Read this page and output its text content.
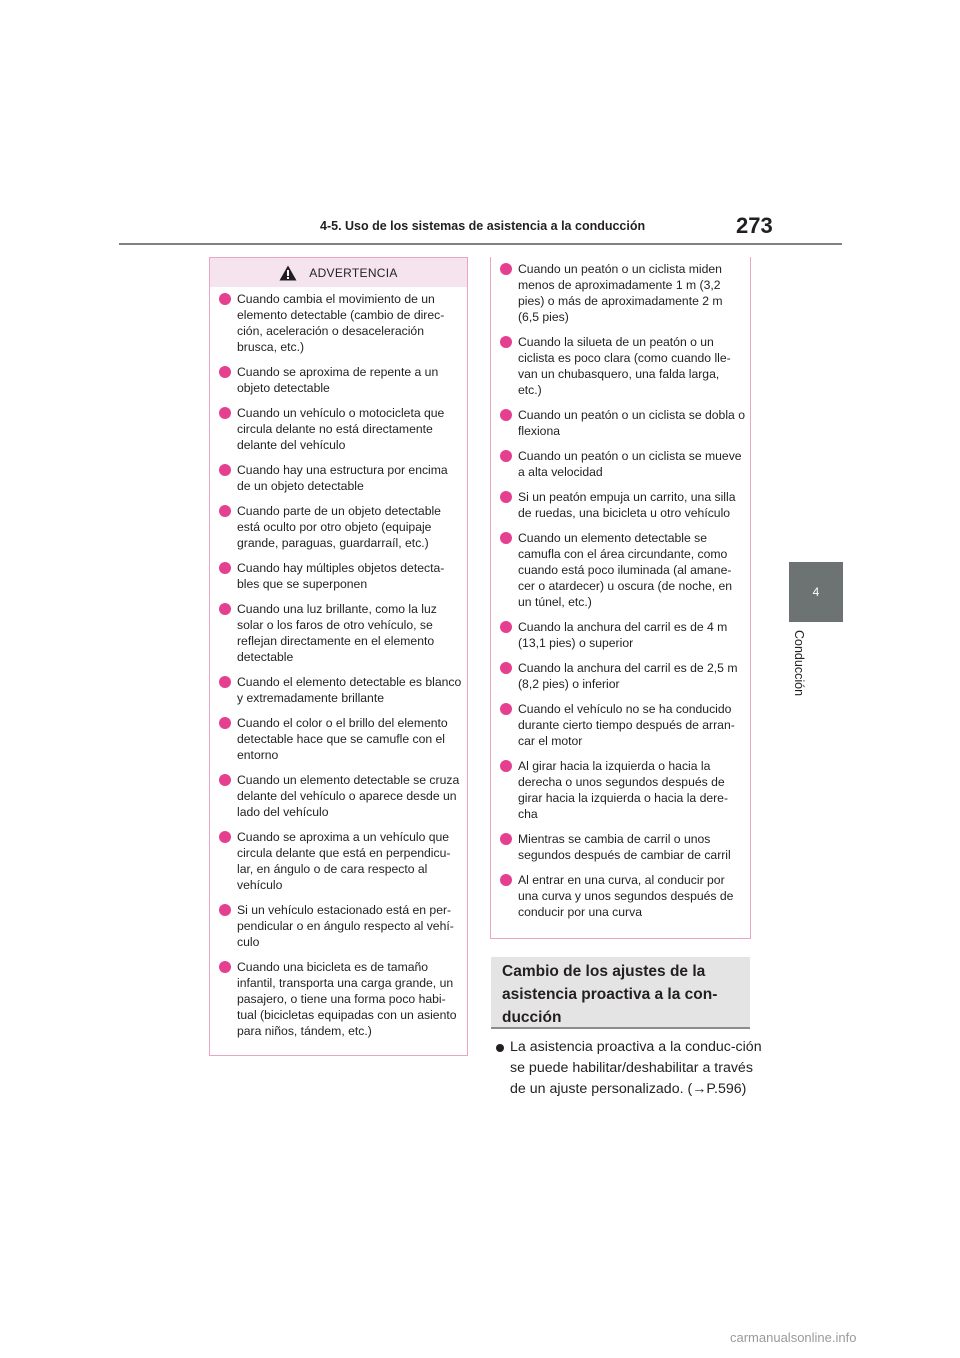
4-5. Uso de los sistemas de asistencia a la conducción	273
4
Conducción
ADVERTENCIA
Cuando cambia el movimiento de un elemento detectable (cambio de direc-ción, aceleración o desaceleración brusca, etc.)
Cuando se aproxima de repente a un objeto detectable
Cuando un vehículo o motocicleta que circula delante no está directamente delante del vehículo
Cuando hay una estructura por encima de un objeto detectable
Cuando parte de un objeto detectable está oculto por otro objeto (equipaje grande, paraguas, guardarraíl, etc.)
Cuando hay múltiples objetos detecta-bles que se superponen
Cuando una luz brillante, como la luz solar o los faros de otro vehículo, se reflejan directamente en el elemento detectable
Cuando el elemento detectable es blanco y extremadamente brillante
Cuando el color o el brillo del elemento detectable hace que se camufle con el entorno
Cuando un elemento detectable se cruza delante del vehículo o aparece desde un lado del vehículo
Cuando se aproxima a un vehículo que circula delante que está en perpendicu-lar, en ángulo o de cara respecto al vehículo
Si un vehículo estacionado está en per-pendicular o en ángulo respecto al vehí-culo
Cuando una bicicleta es de tamaño infantil, transporta una carga grande, un pasajero, o tiene una forma poco habi-tual (bicicletas equipadas con un asiento para niños, tándem, etc.)
Cuando un peatón o un ciclista miden menos de aproximadamente 1 m (3,2 pies) o más de aproximadamente 2 m (6,5 pies)
Cuando la silueta de un peatón o un ciclista es poco clara (como cuando lle-van un chubasquero, una falda larga, etc.)
Cuando un peatón o un ciclista se dobla o flexiona
Cuando un peatón o un ciclista se mueve a alta velocidad
Si un peatón empuja un carrito, una silla de ruedas, una bicicleta u otro vehículo
Cuando un elemento detectable se camufla con el área circundante, como cuando está poco iluminada (al amane-cer o atardecer) u oscura (de noche, en un túnel, etc.)
Cuando la anchura del carril es de 4 m (13,1 pies) o superior
Cuando la anchura del carril es de 2,5 m (8,2 pies) o inferior
Cuando el vehículo no se ha conducido durante cierto tiempo después de arran-car el motor
Al girar hacia la izquierda o hacia la derecha o unos segundos después de girar hacia la izquierda o hacia la dere-cha
Mientras se cambia de carril o unos segundos después de cambiar de carril
Al entrar en una curva, al conducir por una curva y unos segundos después de conducir por una curva
Cambio de los ajustes de la asistencia proactiva a la con-ducción
La asistencia proactiva a la conduc-ción se puede habilitar/deshabilitar a través de un ajuste personalizado. (→P.596)
carmanualsonline.info
